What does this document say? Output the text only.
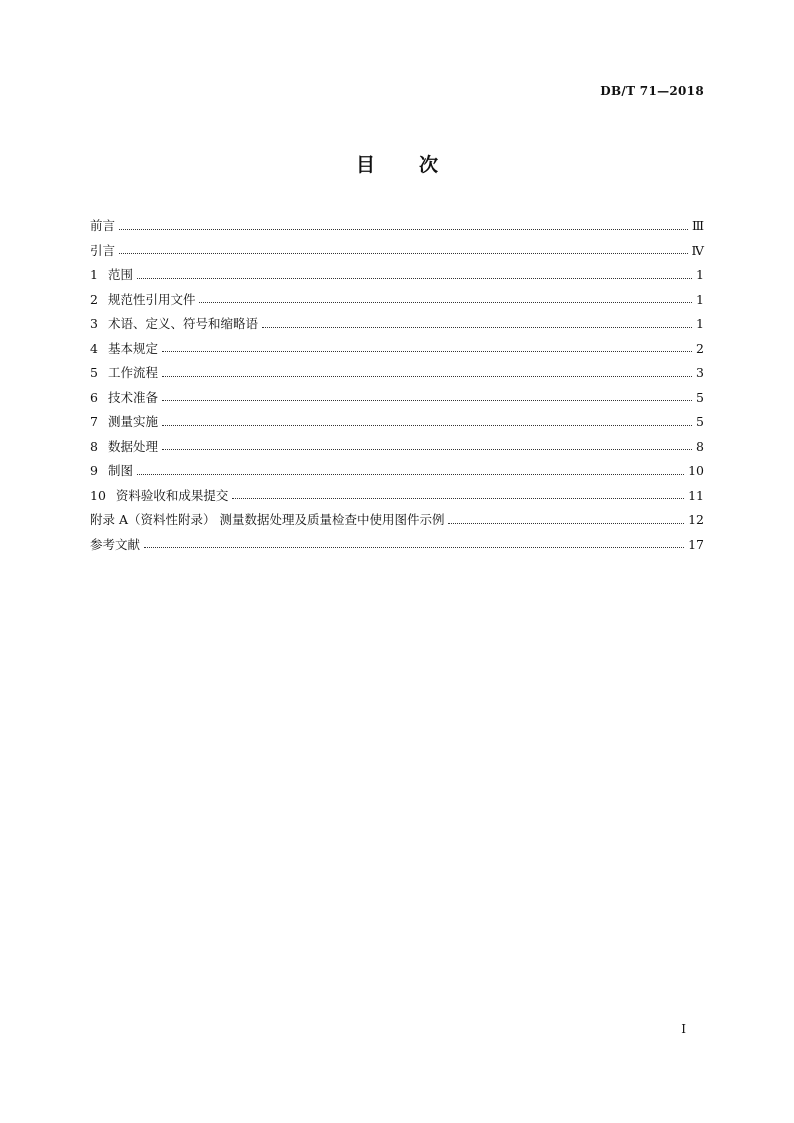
DB/T 71—2018
目 次
前言	Ⅲ
引言	Ⅳ
1 范围	1
2 规范性引用文件	1
3 术语、定义、符号和缩略语	1
4 基本规定	2
5 工作流程	3
6 技术准备	5
7 测量实施	5
8 数据处理	8
9 制图	10
10 资料验收和成果提交	11
附录 A（资料性附录） 测量数据处理及质量检查中使用图件示例	12
参考文献	17
I
